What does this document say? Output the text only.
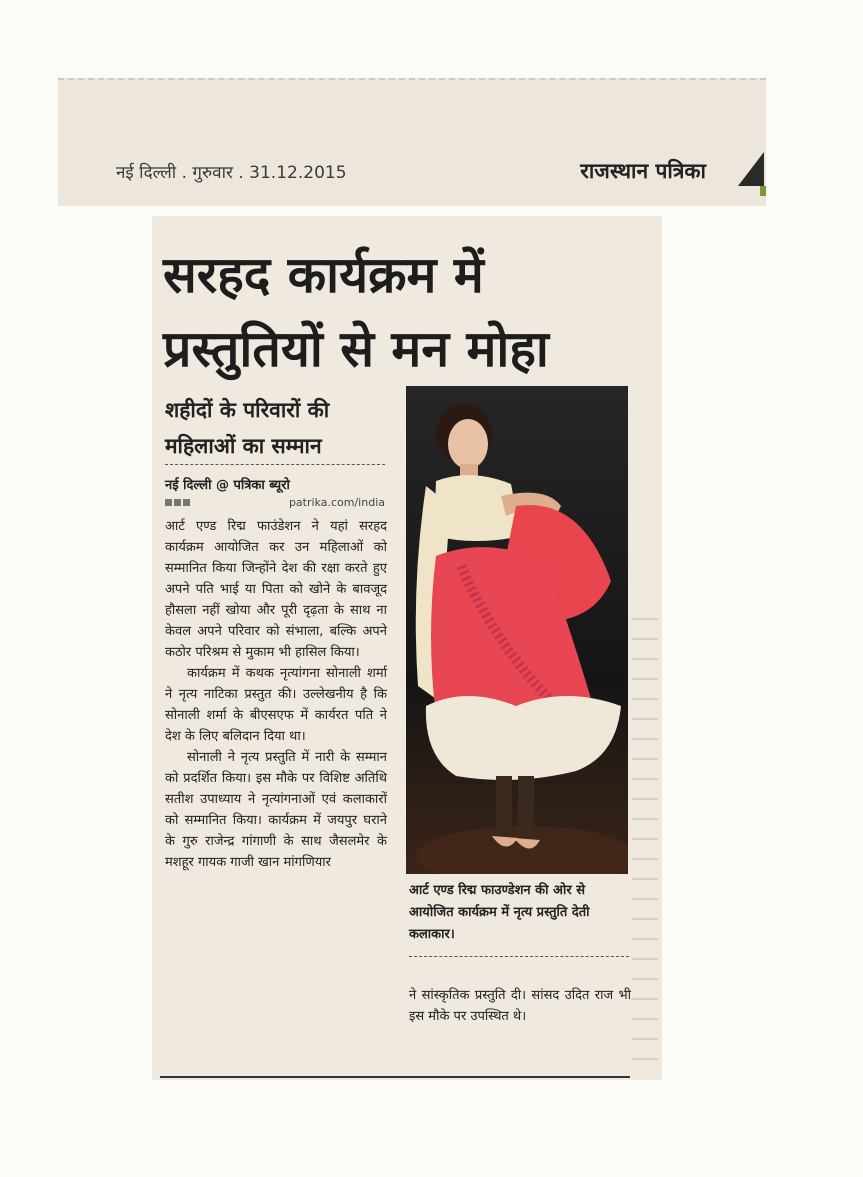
नई दिल्ली . गुरुवार . 31.12.2015	राजस्थान पत्रिका
सरहद कार्यक्रम में
प्रस्तुतियों से मन मोहा
शहीदों के परिवारों की
महिलाओं का सम्मान
नई दिल्ली @ पत्रिका ब्यूरो
patrika.com/india

आर्ट एण्ड रिद्म फाउंडेशन ने यहां सरहद कार्यक्रम आयोजित कर उन महिलाओं को सम्मानित किया जिन्होंने देश की रक्षा करते हुए अपने पति भाई या पिता को खोने के बावजूद हौसला नहीं खोया और पूरी दृढ़ता के साथ ना केवल अपने परिवार को संभाला, बल्कि अपने कठोर परिश्रम से मुकाम भी हासिल किया।

कार्यक्रम में कथक नृत्यांगना सोनाली शर्मा ने नृत्य नाटिका प्रस्तुत की। उल्लेखनीय है कि सोनाली शर्मा के बीएसएफ में कार्यरत पति ने देश के लिए बलिदान दिया था।

सोनाली ने नृत्य प्रस्तुति में नारी के सम्मान को प्रदर्शित किया। इस मौके पर विशिष्ट अतिथि सतीश उपाध्याय ने नृत्यांगनाओं एवं कलाकारों को सम्मानित किया। कार्यक्रम में जयपुर घराने के गुरु राजेन्द्र गांगाणी के साथ जैसलमेर के मशहूर गायक गाजी खान मांगणियार

आर्ट एण्ड रिद्म फाउण्डेशन की ओर से आयोजित कार्यक्रम में नृत्य प्रस्तुति देती कलाकार।
ने सांस्कृतिक प्रस्तुति दी। सांसद उदित राज भी इस मौके पर उपस्थित थे।
